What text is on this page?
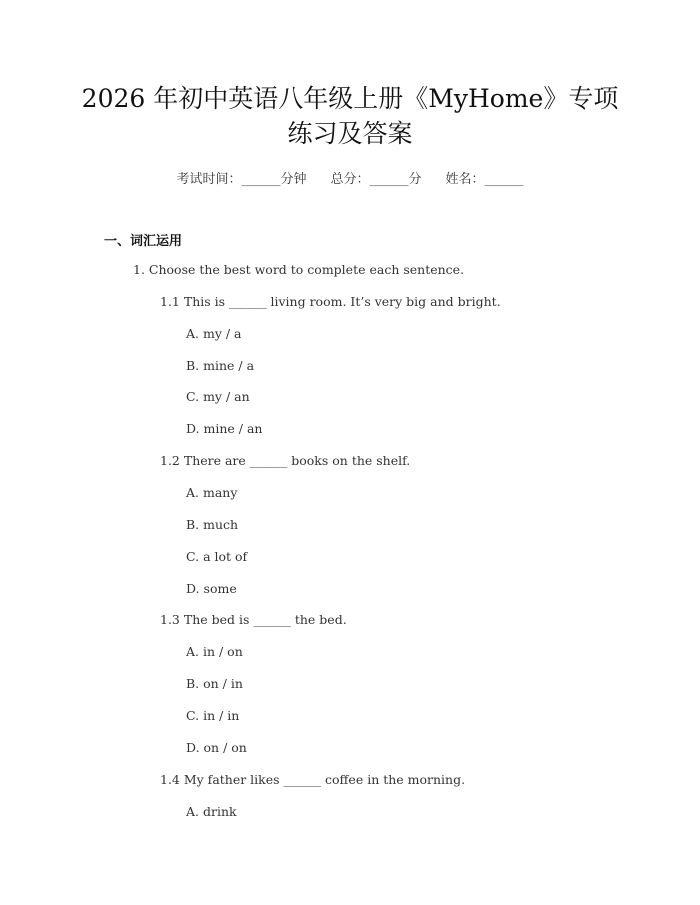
2026 年初中英语八年级上册《MyHome》专项
练习及答案
考试时间：______分钟 总分：______分 姓名：______
一、词汇运用
1. Choose the best word to complete each sentence.
1.1 This is ______ living room. It’s very big and bright.
A. my / a
B. mine / a
C. my / an
D. mine / an
1.2 There are ______ books on the shelf.
A. many
B. much
C. a lot of
D. some
1.3 The bed is ______ the bed.
A. in / on
B. on / in
C. in / in
D. on / on
1.4 My father likes ______ coffee in the morning.
A. drink
